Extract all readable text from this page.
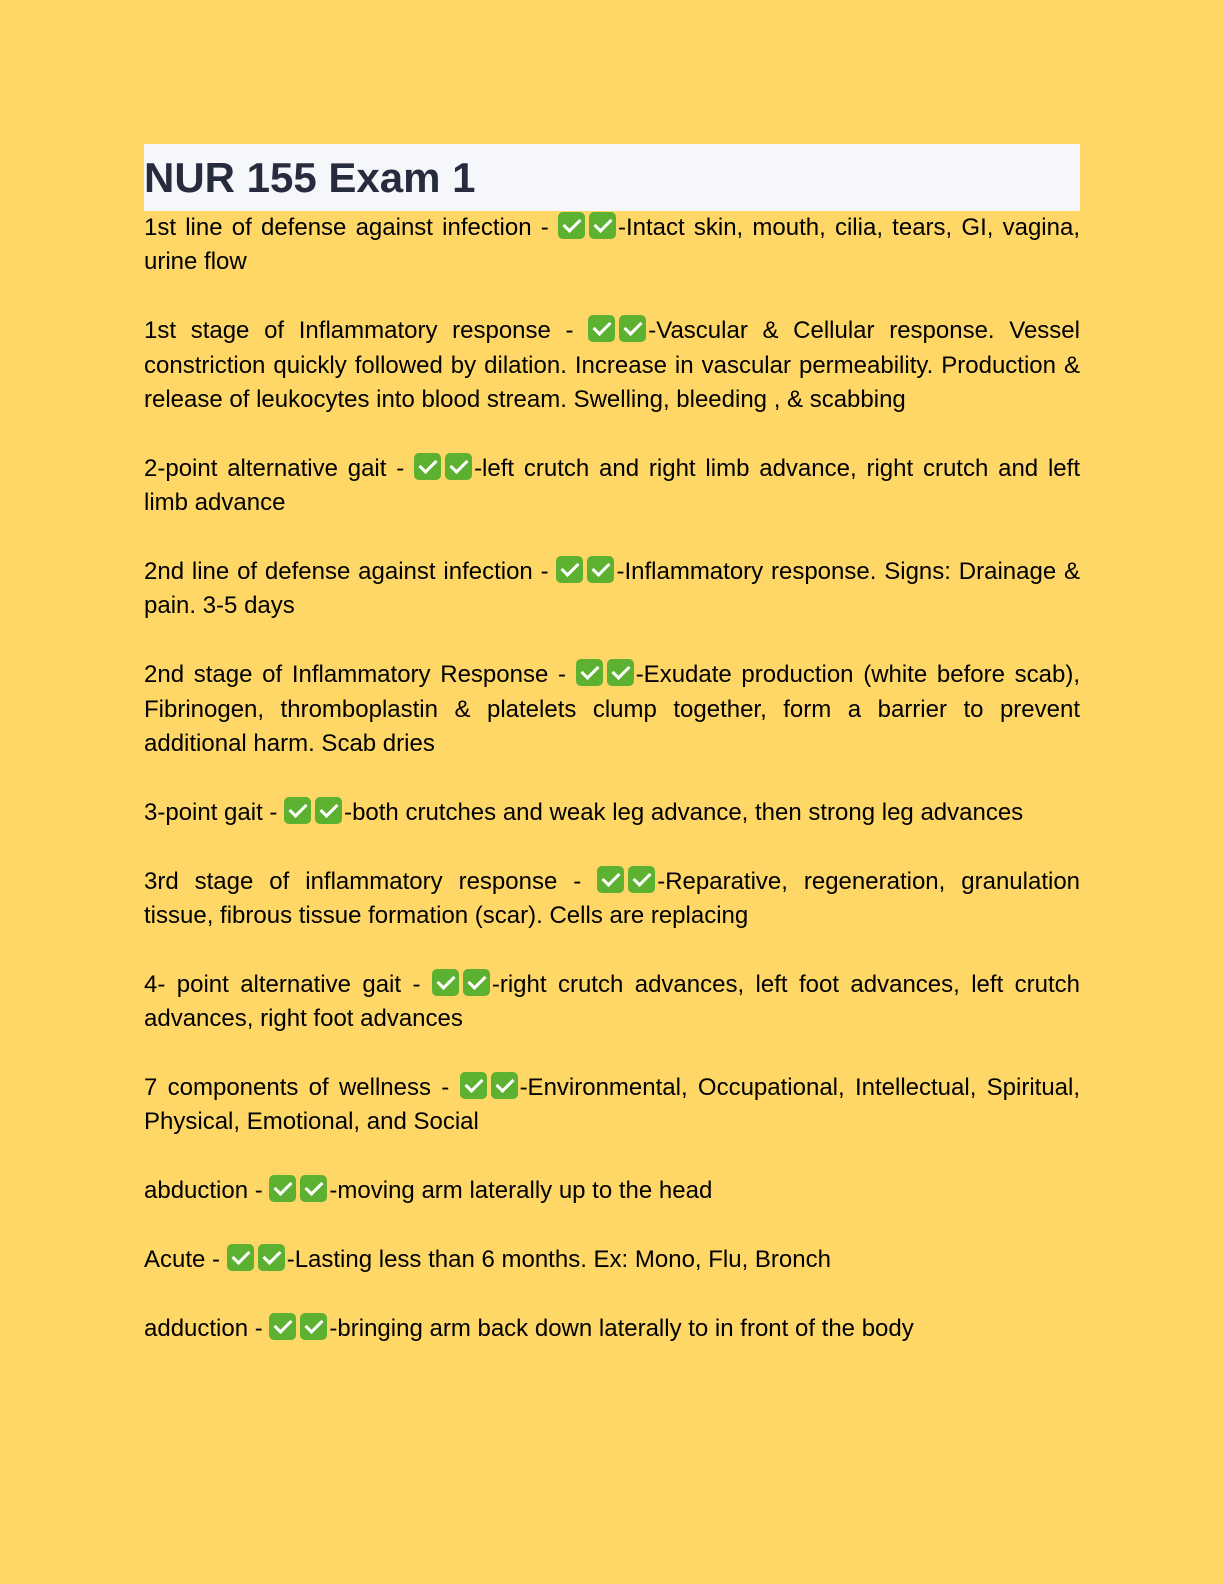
NUR 155 Exam 1

1st line of defense against infection -	-Intact skin, mouth, cilia, tears, GI, vagina, urine flow

1st stage of Inflammatory response -	-Vascular & Cellular response. Vessel constriction quickly followed by dilation. Increase in vascular permeability. Production & release of leukocytes into blood stream. Swelling, bleeding , & scabbing

2-point alternative gait -	-left crutch and right limb advance, right crutch and left limb advance

2nd line of defense against infection -	-Inflammatory response. Signs: Drainage & pain. 3-5 days

2nd stage of Inflammatory Response -	-Exudate production (white before scab), Fibrinogen, thromboplastin & platelets clump together, form a barrier to prevent additional harm. Scab dries

3-point gait -	-both crutches and weak leg advance, then strong leg advances

3rd stage of inflammatory response -	-Reparative, regeneration, granulation tissue, fibrous tissue formation (scar). Cells are replacing

4- point alternative gait -	-right crutch advances, left foot advances, left crutch advances, right foot advances

7 components of wellness -	-Environmental, Occupational, Intellectual, Spiritual, Physical, Emotional, and Social

abduction -	-moving arm laterally up to the head

Acute -	-Lasting less than 6 months. Ex: Mono, Flu, Bronch

adduction -	-bringing arm back down laterally to in front of the body
